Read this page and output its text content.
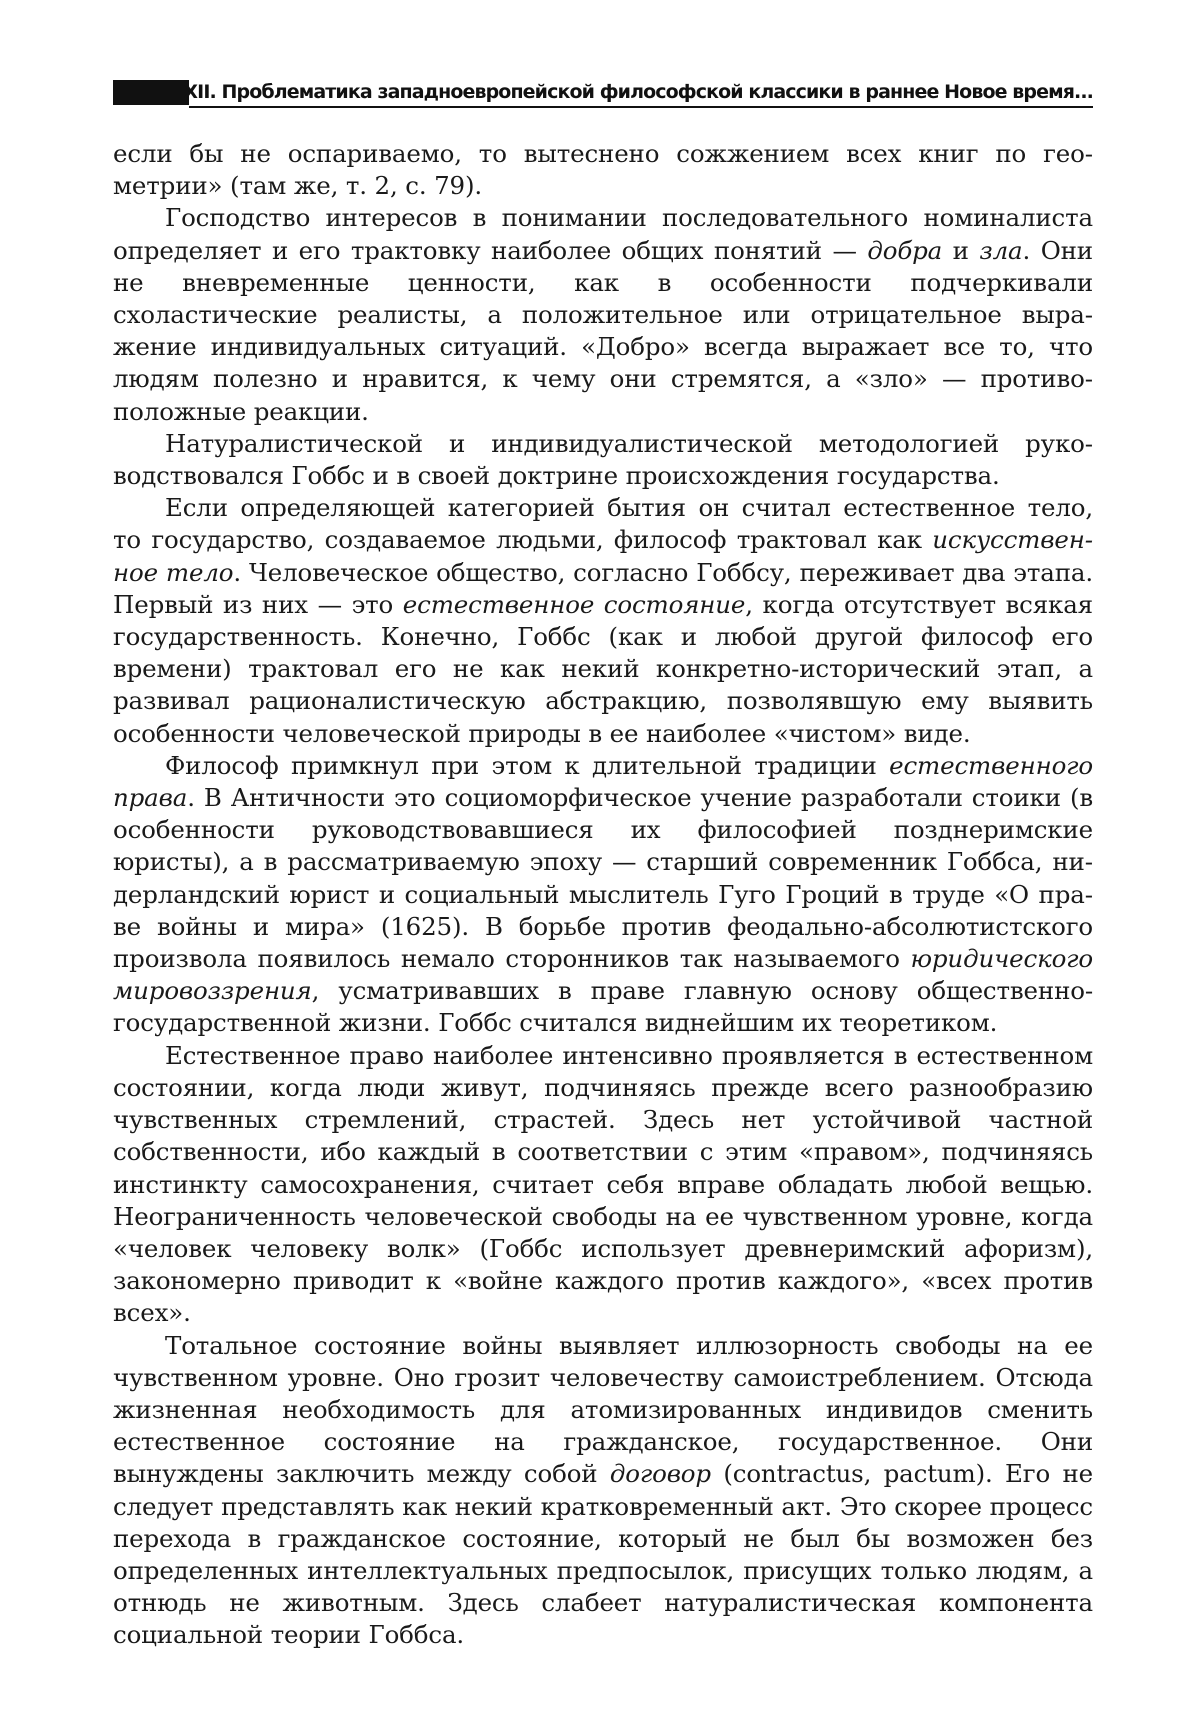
XII. Проблематика западноевропейской философской классики в раннее Новое время...

если бы не оспариваемо, то вытеснено сожжением всех книг по геометрии» (там же, т. 2, с. 79).

Господство интересов в понимании последовательного номиналиста определяет и его трактовку наиболее общих понятий — добра и зла. Они не вневременные ценности, как в особенности подчеркивали схоластические реалисты, а положительное или отрицательное выражение индивидуальных ситуаций. «Добро» всегда выражает все то, что людям полезно и нравится, к чему они стремятся, а «зло» — противоположные реакции.

Натуралистической и индивидуалистической методологией руководствовался Гоббс и в своей доктрине происхождения государства.

Если определяющей категорией бытия он считал естественное тело, то государство, создаваемое людьми, философ трактовал как искусственное тело. Человеческое общество, согласно Гоббсу, переживает два этапа. Первый из них — это естественное состояние, когда отсутствует всякая государственность. Конечно, Гоббс (как и любой другой философ его времени) трактовал его не как некий конкретно-исторический этап, а развивал рационалистическую абстракцию, позволявшую ему выявить особенности человеческой природы в ее наиболее «чистом» виде.

Философ примкнул при этом к длительной традиции естественного права. В Античности это социоморфическое учение разработали стоики (в особенности руководствовавшиеся их философией позднеримские юристы), а в рассматриваемую эпоху — старший современник Гоббса, нидерландский юрист и социальный мыслитель Гуго Гроций в труде «О праве войны и мира» (1625). В борьбе против феодально-абсолютистского произвола появилось немало сторонников так называемого юридического мировоззрения, усматривавших в праве главную основу общественно-государственной жизни. Гоббс считался виднейшим их теоретиком.

Естественное право наиболее интенсивно проявляется в естественном состоянии, когда люди живут, подчиняясь прежде всего разнообразию чувственных стремлений, страстей. Здесь нет устойчивой частной собственности, ибо каждый в соответствии с этим «правом», подчиняясь инстинкту самосохранения, считает себя вправе обладать любой вещью. Неограниченность человеческой свободы на ее чувственном уровне, когда «человек человеку волк» (Гоббс использует древнеримский афоризм), закономерно приводит к «войне каждого против каждого», «всех против всех».

Тотальное состояние войны выявляет иллюзорность свободы на ее чувственном уровне. Оно грозит человечеству самоистреблением. Отсюда жизненная необходимость для атомизированных индивидов сменить естественное состояние на гражданское, государственное. Они вынуждены заключить между собой договор (contractus, pactum). Его не следует представлять как некий кратковременный акт. Это скорее процесс перехода в гражданское состояние, который не был бы возможен без определенных интеллектуальных предпосылок, присущих только людям, а отнюдь не животным. Здесь слабеет натуралистическая компонента социальной теории Гоббса.
